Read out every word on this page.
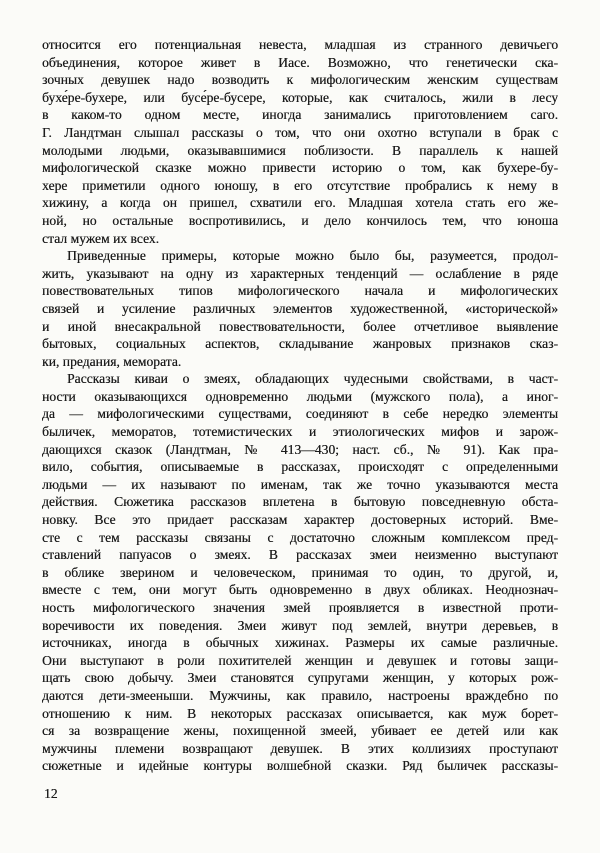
относится его потенциальная невеста, младшая из странного девичьего
объединения, которое живет в Иасе. Возможно, что генетически ска-
зочных девушек надо возводить к мифологическим женским существам
бухе́ре-бухере, или бусе́ре-бусере, которые, как считалось, жили в лесу
в каком-то одном месте, иногда занимались приготовлением саго.
Г. Ландтман слышал рассказы о том, что они охотно вступали в брак с
молодыми людьми, оказывавшимися поблизости. В параллель к нашей
мифологической сказке можно привести историю о том, как бухере-бу-
хере приметили одного юношу, в его отсутствие пробрались к нему в
хижину, а когда он пришел, схватили его. Младшая хотела стать его же-
ной, но остальные воспротивились, и дело кончилось тем, что юноша
стал мужем их всех.
Приведенные примеры, которые можно было бы, разумеется, продол-
жить, указывают на одну из характерных тенденций — ослабление в ряде
повествовательных типов мифологического начала и мифологических
связей и усиление различных элементов художественной, «исторической»
и иной внесакральной повествовательности, более отчетливое выявление
бытовых, социальных аспектов, складывание жанровых признаков сказ-
ки, предания, мемората.
Рассказы киваи о змеях, обладающих чудесными свойствами, в част-
ности оказывающихся одновременно людьми (мужского пола), а иног-
да — мифологическими существами, соединяют в себе нередко элементы
быличек, меморатов, тотемистических и этиологических мифов и зарож-
дающихся сказок (Ландтман, № 413—430; наст. сб., № 91). Как пра-
вило, события, описываемые в рассказах, происходят с определенными
людьми — их называют по именам, так же точно указываются места
действия. Сюжетика рассказов вплетена в бытовую повседневную обста-
новку. Все это придает рассказам характер достоверных историй. Вме-
сте с тем рассказы связаны с достаточно сложным комплексом пред-
ставлений папуасов о змеях. В рассказах змеи неизменно выступают
в облике зверином и человеческом, принимая то один, то другой, и,
вместе с тем, они могут быть одновременно в двух обликах. Неоднознач-
ность мифологического значения змей проявляется в известной проти-
воречивости их поведения. Змеи живут под землей, внутри деревьев, в
источниках, иногда в обычных хижинах. Размеры их самые различные.
Они выступают в роли похитителей женщин и девушек и готовы защи-
щать свою добычу. Змеи становятся супругами женщин, у которых рож-
даются дети-змееныши. Мужчины, как правило, настроены враждебно по
отношению к ним. В некоторых рассказах описывается, как муж борет-
ся за возвращение жены, похищенной змеей, убивает ее детей или как
мужчины племени возвращают девушек. В этих коллизиях проступают
сюжетные и идейные контуры волшебной сказки. Ряд быличек рассказы-
12
